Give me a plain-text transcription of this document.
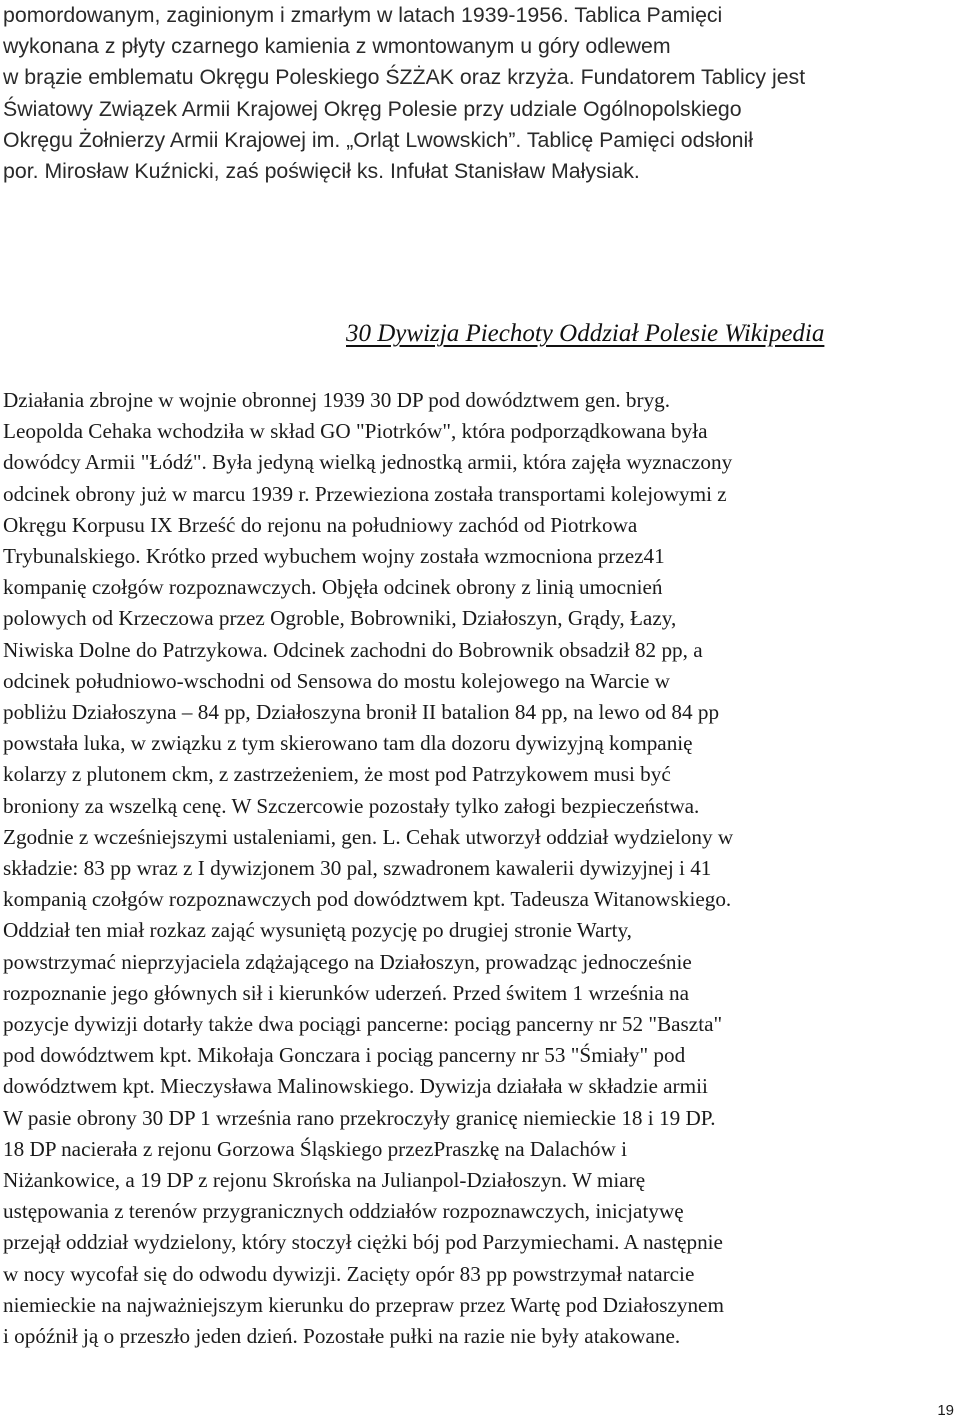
pomordowanym, zaginionym i zmarłym w latach 1939-1956. Tablica Pamięci
wykonana z płyty czarnego kamienia z wmontowanym u góry odlewem
w brązie emblematu Okręgu Poleskiego ŚZŻAK oraz krzyża. Fundatorem Tablicy jest
Światowy Związek Armii Krajowej Okręg Polesie przy udziale Ogólnopolskiego
Okręgu Żołnierzy Armii Krajowej im. „Orląt Lwowskich”. Tablicę Pamięci odsłonił
por. Mirosław Kuźnicki, zaś poświęcił ks. Infułat Stanisław Małysiak.
30 Dywizja Piechoty Oddział Polesie Wikipedia
Działania zbrojne w wojnie obronnej 1939 30 DP pod dowództwem gen. bryg.
Leopolda Cehaka wchodziła w skład GO "Piotrków", która podporządkowana była
dowódcy Armii "Łódź". Była jedyną wielką jednostką armii, która zajęła wyznaczony
odcinek obrony już w marcu 1939 r. Przewieziona została transportami kolejowymi z
Okręgu Korpusu IX Brześć do rejonu na południowy zachód od Piotrkowa
Trybunalskiego. Krótko przed wybuchem wojny została wzmocniona przez41
kompanię czołgów rozpoznawczych. Objęła odcinek obrony z linią umocnień
polowych od Krzeczowa przez Ogroble, Bobrowniki, Działoszyn, Grądy, Łazy,
Niwiska Dolne do Patrzykowa. Odcinek zachodni do Bobrownik obsadził 82 pp, a
odcinek południowo-wschodni od Sensowa do mostu kolejowego na Warcie w
pobliżu Działoszyna – 84 pp, Działoszyna bronił II batalion 84 pp, na lewo od 84 pp
powstała luka, w związku z tym skierowano tam dla dozoru dywizyjną kompanię
kolarzy z plutonem ckm, z zastrzeżeniem, że most pod Patrzykowem musi być
broniony za wszelką cenę. W Szczercowie pozostały tylko załogi bezpieczeństwa.
Zgodnie z wcześniejszymi ustaleniami, gen. L. Cehak utworzył oddział wydzielony w
składzie: 83 pp wraz z I dywizjonem 30 pal, szwadronem kawalerii dywizyjnej i 41
kompanią czołgów rozpoznawczych pod dowództwem kpt. Tadeusza Witanowskiego.
Oddział ten miał rozkaz zająć wysuniętą pozycję po drugiej stronie Warty,
powstrzymać nieprzyjaciela zdążającego na Działoszyn, prowadząc jednocześnie
rozpoznanie jego głównych sił i kierunków uderzeń. Przed świtem 1 września na
pozycje dywizji dotarły także dwa pociągi pancerne: pociąg pancerny nr 52 "Baszta"
pod dowództwem kpt. Mikołaja Gonczara i pociąg pancerny nr 53 "Śmiały" pod
dowództwem kpt. Mieczysława Malinowskiego. Dywizja działała w składzie armii
W pasie obrony 30 DP 1 września rano przekroczyły granicę niemieckie 18 i 19 DP.
18 DP nacierała z rejonu Gorzowa Śląskiego przezPraszkę na Dalachów i
Niżankowice, a 19 DP z rejonu Skrońska na Julianpol-Działoszyn. W miarę
ustępowania z terenów przygranicznych oddziałów rozpoznawczych, inicjatywę
przejął oddział wydzielony, który stoczył ciężki bój pod Parzymiechami. A następnie
w nocy wycofał się do odwodu dywizji. Zacięty opór 83 pp powstrzymał natarcie
niemieckie na najważniejszym kierunku do przepraw przez Wartę pod Działoszynem
i opóźnił ją o przeszło jeden dzień. Pozostałe pułki na razie nie były atakowane.
19
